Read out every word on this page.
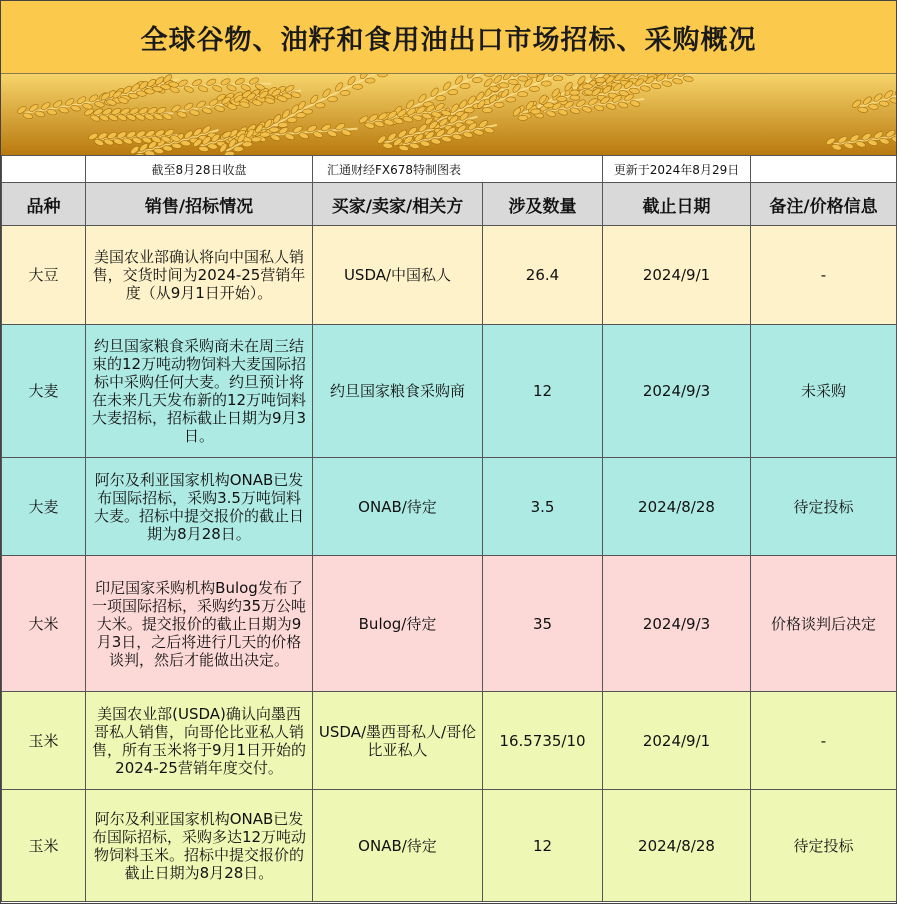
全球谷物、油籽和食用油出口市场招标、采购概况
	截至8月28日收盘	汇通财经FX678特制图表		更新于2024年8月29日	
品种	销售/招标情况	买家/卖家/相关方	涉及数量	截止日期	备注/价格信息
大豆	美国农业部确认将向中国私人销售，交货时间为2024-25营销年度（从9月1日开始）。	USDA/中国私人	26.4	2024/9/1	-
大麦	约旦国家粮食采购商未在周三结束的12万吨动物饲料大麦国际招标中采购任何大麦。约旦预计将在未来几天发布新的12万吨饲料大麦招标，招标截止日期为9月3日。	约旦国家粮食采购商	12	2024/9/3	未采购
大麦	阿尔及利亚国家机构ONAB已发布国际招标，采购3.5万吨饲料大麦。招标中提交报价的截止日期为8月28日。	ONAB/待定	3.5	2024/8/28	待定投标
大米	印尼国家采购机构Bulog发布了一项国际招标，采购约35万公吨大米。提交报价的截止日期为9月3日，之后将进行几天的价格谈判，然后才能做出决定。	Bulog/待定	35	2024/9/3	价格谈判后决定
玉米	美国农业部(USDA)确认向墨西哥私人销售，向哥伦比亚私人销售，所有玉米将于9月1日开始的2024-25营销年度交付。	USDA/墨西哥私人/哥伦比亚私人	16.5735/10	2024/9/1	-
玉米	阿尔及利亚国家机构ONAB已发布国际招标，采购多达12万吨动物饲料玉米。招标中提交报价的截止日期为8月28日。	ONAB/待定	12	2024/8/28	待定投标
